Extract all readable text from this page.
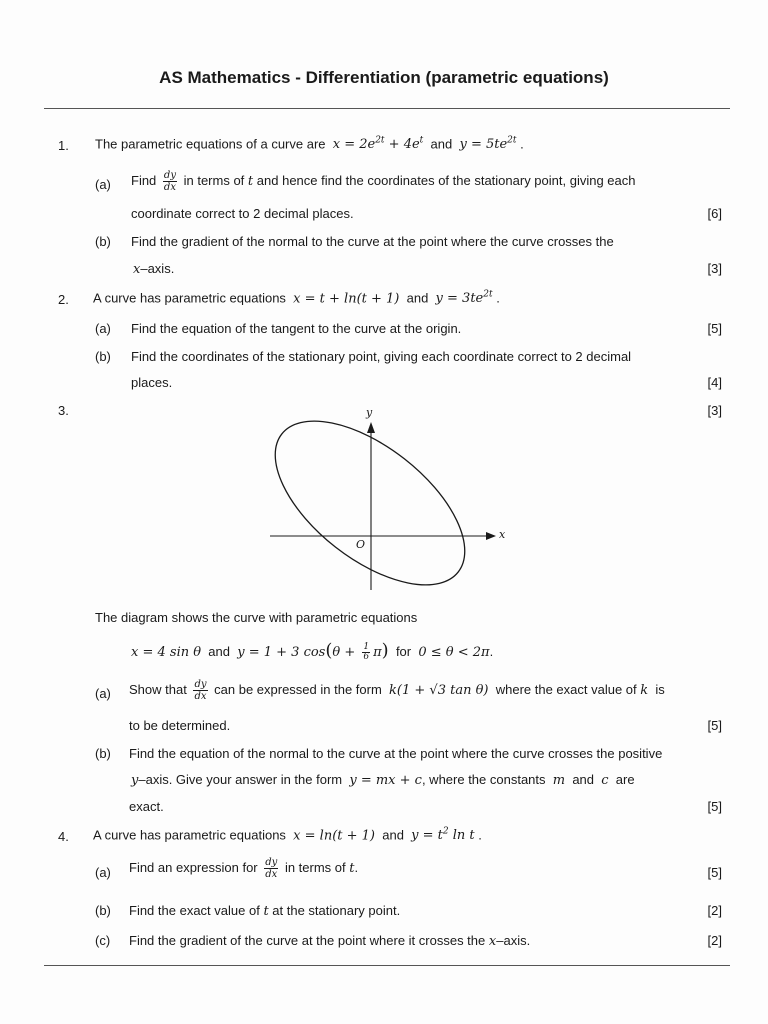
AS Mathematics - Differentiation (parametric equations)
1. The parametric equations of a curve are $x = 2e^{2t} + 4e^t$ and $y = 5te^{2t}$ .
(a) Find $\frac{dy}{dx}$ in terms of t and hence find the coordinates of the stationary point, giving each
coordinate correct to 2 decimal places.	[6]
(b) Find the gradient of the normal to the curve at the point where the curve crosses the
x–axis.	[3]
2. A curve has parametric equations x = t + ln(t + 1) and $y = 3te^{2t}$ .
(a) Find the equation of the tangent to the curve at the origin.	[5]
(b) Find the coordinates of the stationary point, giving each coordinate correct to 2 decimal
places.	[4]
3.	[3]
y
x
O
The diagram shows the curve with parametric equations
x = 4 sin θ and y = 1 + 3 $\cos(\theta + \frac{1}{6} \pi)$ for 0 ≤ θ < 2π.
(a) Show that $\frac{dy}{dx}$ can be expressed in the form k(1 + √3 tan θ) where the exact value of k is
to be determined.	[5]
(b) Find the equation of the normal to the curve at the point where the curve crosses the positive
y–axis. Give your answer in the form y = mx + c, where the constants m and c are
exact.	[5]
4. A curve has parametric equations x = ln(t + 1) and $y = t^2$ ln t .
(a) Find an expression for $\frac{dy}{dx}$ in terms of t.	[5]
(b) Find the exact value of t at the stationary point.	[2]
(c) Find the gradient of the curve at the point where it crosses the x–axis.	[2]
